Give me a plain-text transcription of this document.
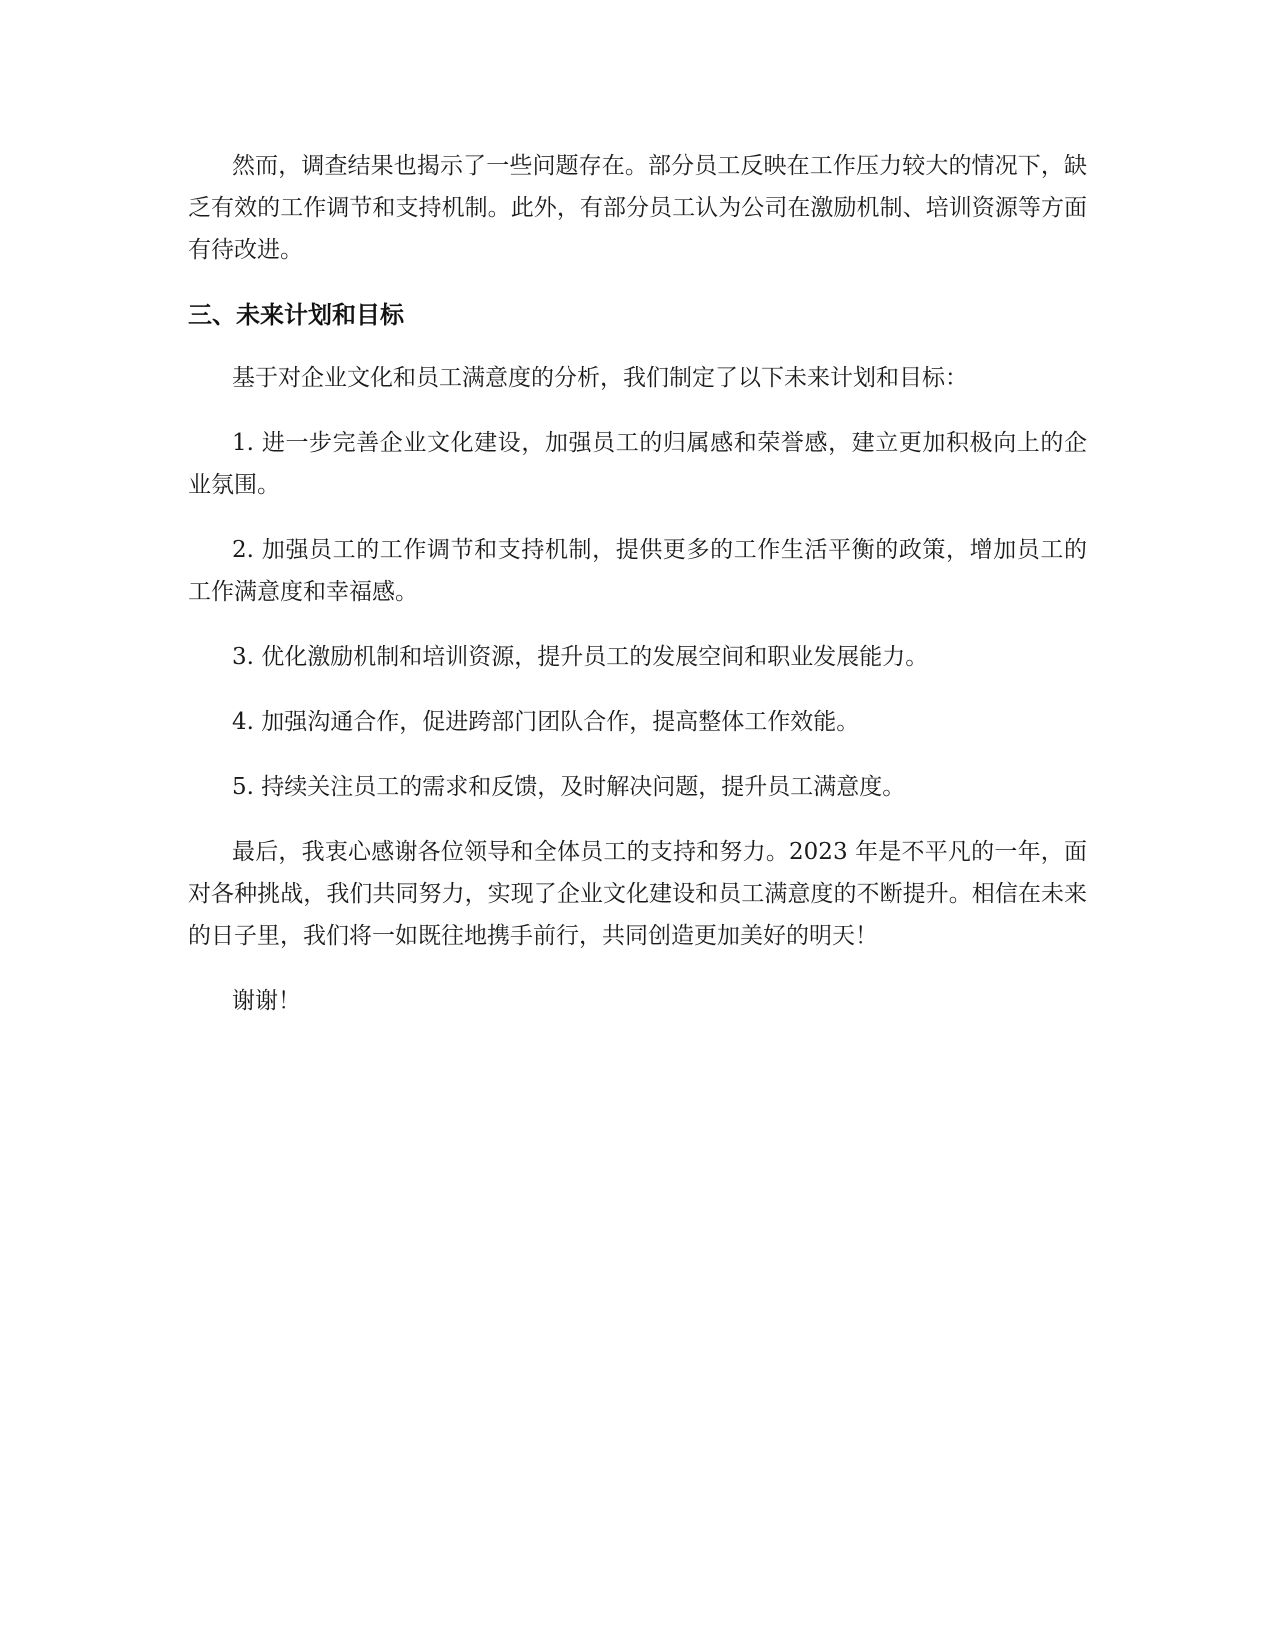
然而，调查结果也揭示了一些问题存在。部分员工反映在工作压力较大的情况下，缺乏有效的工作调节和支持机制。此外，有部分员工认为公司在激励机制、培训资源等方面有待改进。

三、未来计划和目标

基于对企业文化和员工满意度的分析，我们制定了以下未来计划和目标：

1. 进一步完善企业文化建设，加强员工的归属感和荣誉感，建立更加积极向上的企业氛围。

2. 加强员工的工作调节和支持机制，提供更多的工作生活平衡的政策，增加员工的工作满意度和幸福感。

3. 优化激励机制和培训资源，提升员工的发展空间和职业发展能力。

4. 加强沟通合作，促进跨部门团队合作，提高整体工作效能。

5. 持续关注员工的需求和反馈，及时解决问题，提升员工满意度。

最后，我衷心感谢各位领导和全体员工的支持和努力。2023 年是不平凡的一年，面对各种挑战，我们共同努力，实现了企业文化建设和员工满意度的不断提升。相信在未来的日子里，我们将一如既往地携手前行，共同创造更加美好的明天！

谢谢！
